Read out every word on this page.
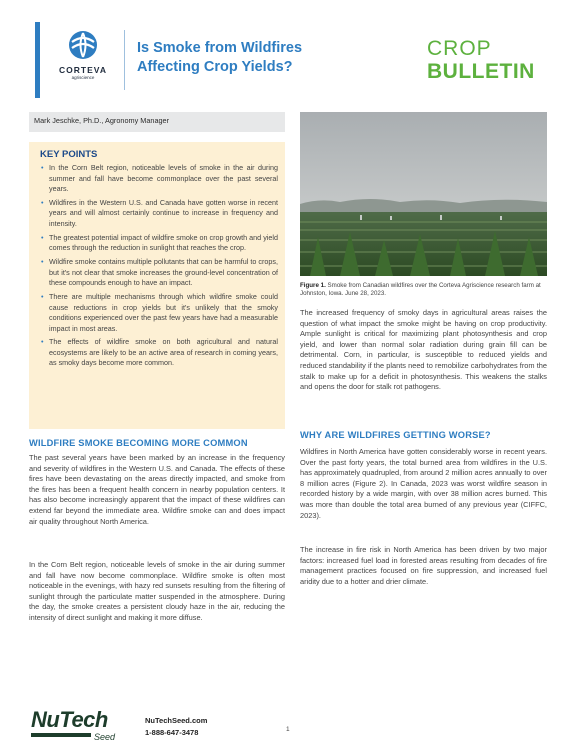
CORTEVA
agriscience
Is Smoke from Wildfires
Affecting Crop Yields?
CROP
BULLETIN
Mark Jeschke, Ph.D., Agronomy Manager
KEY POINTS
• In the Corn Belt region, noticeable levels of smoke in the air during summer and fall have become commonplace over the past several years.
• Wildfires in the Western U.S. and Canada have gotten worse in recent years and will almost certainly continue to increase in frequency and intensity.
• The greatest potential impact of wildfire smoke on crop growth and yield comes through the reduction in sunlight that reaches the crop.
• Wildfire smoke contains multiple pollutants that can be harmful to crops, but it's not clear that smoke increases the ground-level concentration of these compounds enough to have an impact.
• There are multiple mechanisms through which wildfire smoke could cause reductions in crop yields but it's unlikely that the smoky conditions experienced over the past few years have had a measurable impact in most areas.
• The effects of wildfire smoke on both agricultural and natural ecosystems are likely to be an active area of research in coming years, as smoky days become more common.
WILDFIRE SMOKE BECOMING MORE COMMON
The past several years have been marked by an increase in the frequency and severity of wildfires in the Western U.S. and Canada. The effects of these fires have been devastating on the areas directly impacted, and smoke from the fires has been a frequent health concern in nearby population centers. It has also become increasingly apparent that the impact of these wildfires can extend far beyond the immediate area. Wildfire smoke can and does impact air quality throughout North America.
In the Corn Belt region, noticeable levels of smoke in the air during summer and fall have now become commonplace. Wildfire smoke is often most noticeable in the evenings, with hazy red sunsets resulting from the filtering of sunlight through the particulate matter suspended in the atmosphere. During the day, the smoke creates a persistent cloudy haze in the air, reducing the intensity of direct sunlight and making it more diffuse.
Figure 1. Smoke from Canadian wildfires over the Corteva Agriscience research farm at Johnston, Iowa. June 28, 2023.
The increased frequency of smoky days in agricultural areas raises the question of what impact the smoke might be having on crop productivity. Ample sunlight is critical for maximizing plant photosynthesis and crop yield, and lower than normal solar radiation during grain fill can be detrimental. Corn, in particular, is susceptible to reduced yields and reduced standability if the plants need to remobilize carbohydrates from the stalk to make up for a deficit in photosynthesis. This weakens the stalks and opens the door for stalk rot pathogens.
WHY ARE WILDFIRES GETTING WORSE?
Wildfires in North America have gotten considerably worse in recent years. Over the past forty years, the total burned area from wildfires in the U.S. has approximately quadrupled, from around 2 million acres annually to over 8 million acres (Figure 2). In Canada, 2023 was worst wildfire season in recorded history by a wide margin, with over 38 million acres burned. This was more than double the total area burned of any previous year (CIFFC, 2023).
The increase in fire risk in North America has been driven by two major factors: increased fuel load in forested areas resulting from decades of fire management practices focused on fire suppression, and increased fuel aridity due to a hotter and drier climate.
NuTech
Seed
NuTechSeed.com
1-888-647-3478	1
